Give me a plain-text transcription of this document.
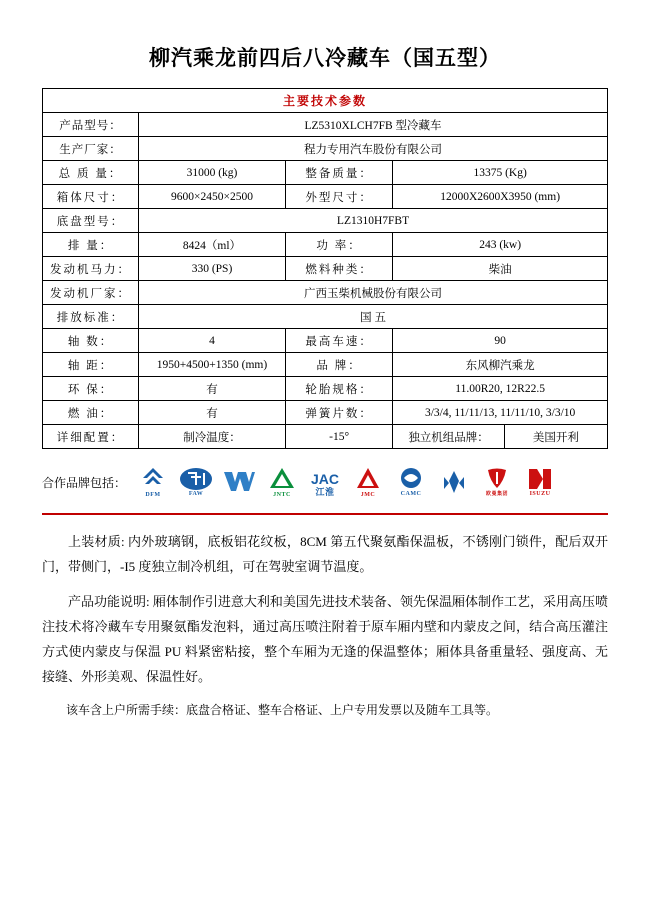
柳汽乘龙前四后八冷藏车（国五型）
主要技术参数
产品型号：	LZ5310XLCH7FB 型冷藏车
生产厂家：	程力专用汽车股份有限公司
总 质 量：	31000 (kg)	整备质量：	13375 (Kg)
箱体尺寸：	9600×2450×2500	外型尺寸：	12000X2600X3950 (mm)
底盘型号：	LZ1310H7FBT
排 量：	8424（ml）	功 率：	243 (kw)
发动机马力：	330 (PS)	燃料种类：	柴油
发动机厂家：	广西玉柴机械股份有限公司
排放标准：	国 五
轴 数：	4	最高车速：	90
轴 距：	1950+4500+1350 (mm)	品 牌：	东风柳汽乘龙
环 保：	有	轮胎规格：	11.00R20, 12R22.5
燃 油：	有	弹簧片数：	3/3/4, 11/11/13, 11/11/10, 3/3/10
详细配置：	制冷温度：	-15°		独立机组品牌：	美国开利
合作品牌包括：
DFM	FAW	JNTC
JAC
江淮	JMC	CAMC	欧曼集团	ISUZU

上装材质: 内外玻璃钢，底板铝花纹板，8CM 第五代聚氨酯保温板，不锈刚门锁件，配后双开门，带侧门，-I5 度独立制冷机组，可在驾驶室调节温度。

产品功能说明: 厢体制作引进意大利和美国先进技术装备、领先保温厢体制作工艺，采用高压喷注技术将冷藏车专用聚氨酯发泡料，通过高压喷注附着于原车厢内壁和内蒙皮之间，结合高压灌注方式使内蒙皮与保温 PU 料紧密粘接，整个车厢为无逢的保温整体；厢体具备重量轻、强度高、无接缝、外形美观、保温性好。

该车含上户所需手续：底盘合格证、整车合格证、上户专用发票以及随车工具等。
